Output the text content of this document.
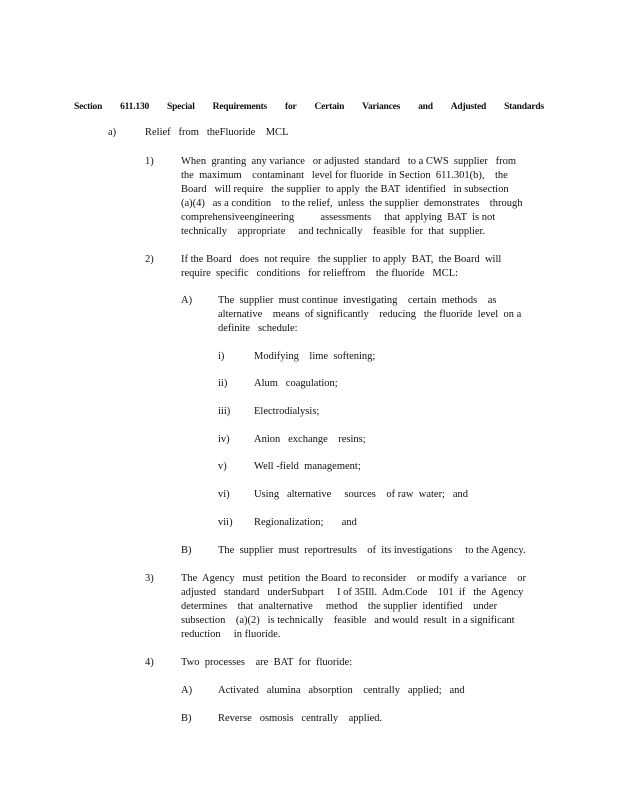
Section 611.130 Special Requirements for Certain Variances and Adjusted Standards
a)	Relief   from   theFluoride    MCL
1)	When  granting  any variance   or adjusted  standard   to a CWS  supplier   from
the  maximum    contaminant   level for fluoride  in Section  611.301(b),    the
Board   will require   the supplier  to apply  the BAT  identified   in subsection
(a)(4)   as a condition    to the relief,  unless  the supplier  demonstrates    through
comprehensiveengineering          assessments     that  applying  BAT  is not
technically    appropriate     and technically    feasible  for  that  supplier.
2)	If the Board   does  not require   the supplier  to apply  BAT,  the Board  will
require  specific   conditions   for relieffrom    the fluoride   MCL:
A) The  supplier  must continue  investigating    certain  methods    as
alternative    means  of significantly    reducing   the fluoride  level  on a
definite   schedule:
i)	Modifying    lime  softening;
ii)	Alum   coagulation;
iii) Electrodialysis;
iv) Anion   exchange    resins;
v)	Well -field  management;
vi) Using   alternative     sources    of raw  water;   and
vii) Regionalization;       and
B)	The  supplier  must  reportresults    of  its investigations     to the Agency.
3)	The  Agency   must  petition  the Board  to reconsider    or modify  a variance    or
adjusted   standard   underSubpart     I of 35Ill.  Adm.Code    101  if   the  Agency
determines    that  analternative     method    the supplier  identified    under
subsection    (a)(2)   is technically    feasible   and would  result  in a significant
reduction     in fluoride.
4)	Two  processes    are  BAT  for  fluoride:
A) Activated   alumina   absorption    centrally   applied;   and
B)	Reverse   osmosis   centrally    applied.
